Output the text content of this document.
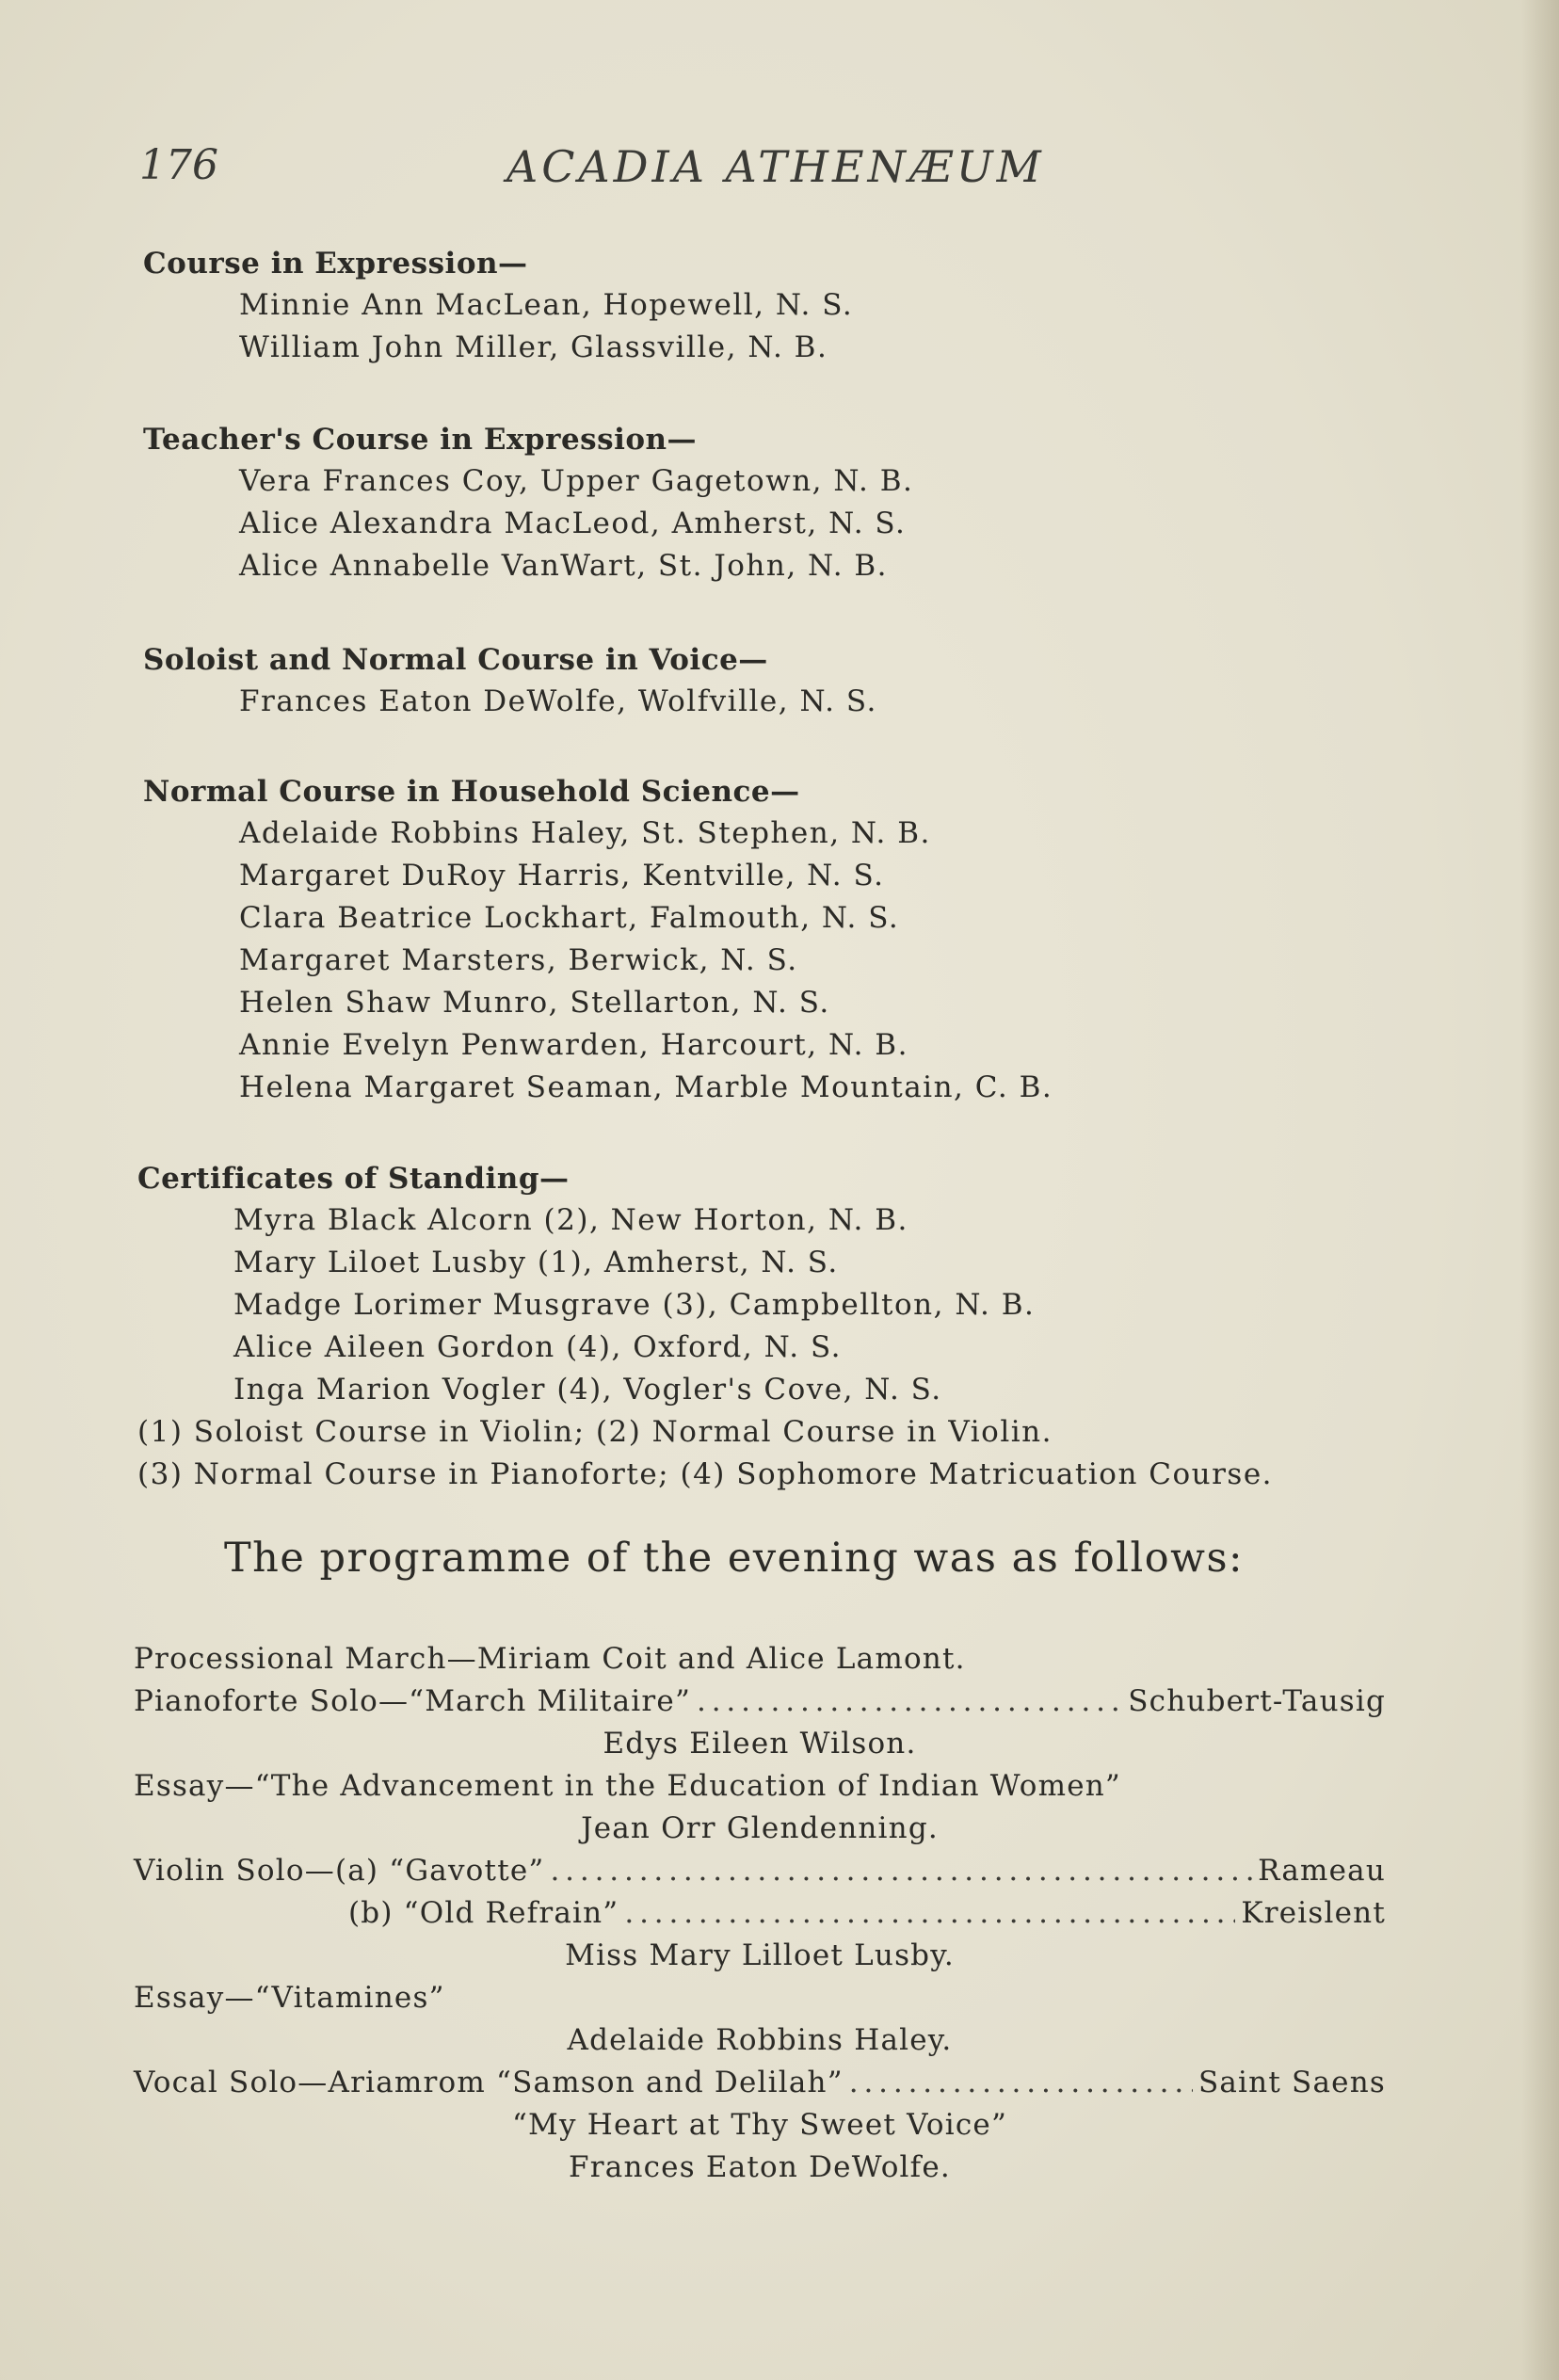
176	ACADIA ATHENÆUM
Course in Expression—
Minnie Ann MacLean, Hopewell, N. S.
William John Miller, Glassville, N. B.
Teacher's Course in Expression—
Vera Frances Coy, Upper Gagetown, N. B.
Alice Alexandra MacLeod, Amherst, N. S.
Alice Annabelle VanWart, St. John, N. B.
Soloist and Normal Course in Voice—
Frances Eaton DeWolfe, Wolfville, N. S.
Normal Course in Household Science—
Adelaide Robbins Haley, St. Stephen, N. B.
Margaret DuRoy Harris, Kentville, N. S.
Clara Beatrice Lockhart, Falmouth, N. S.
Margaret Marsters, Berwick, N. S.
Helen Shaw Munro, Stellarton, N. S.
Annie Evelyn Penwarden, Harcourt, N. B.
Helena Margaret Seaman, Marble Mountain, C. B.
Certificates of Standing—
Myra Black Alcorn (2), New Horton, N. B.
Mary Liloet Lusby (1), Amherst, N. S.
Madge Lorimer Musgrave (3), Campbellton, N. B.
Alice Aileen Gordon (4), Oxford, N. S.
Inga Marion Vogler (4), Vogler's Cove, N. S.
(1) Soloist Course in Violin; (2) Normal Course in Violin.
(3) Normal Course in Pianoforte; (4) Sophomore Matricuation Course.
The programme of the evening was as follows:
Processional March—Miriam Coit and Alice Lamont.
Pianoforte Solo—“March Militaire” . . .	Schubert-Tausig
Edys Eileen Wilson.
Essay—“The Advancement in the Education of Indian Women”
Jean Orr Glendenning.
Violin Solo—(a) “Gavotte” . . .	Rameau
(b) “Old Refrain” . . .	Kreislent
Miss Mary Lilloet Lusby.
Essay—“Vitamines”
Adelaide Robbins Haley.
Vocal Solo—Ariamrom “Samson and Delilah” . . .	Saint Saens
“My Heart at Thy Sweet Voice”
Frances Eaton DeWolfe.
